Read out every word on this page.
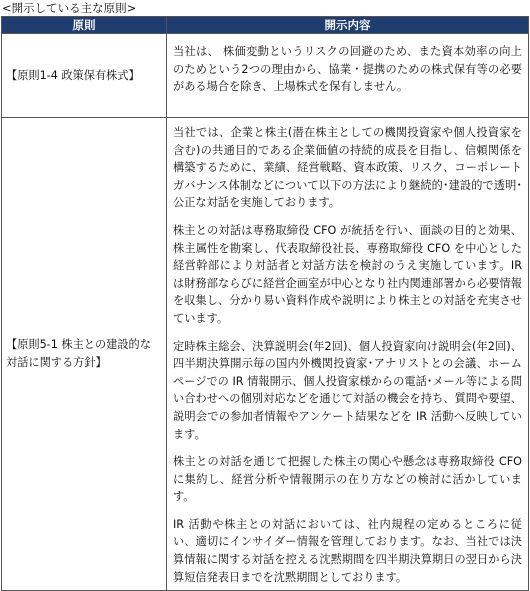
<開示している主な原則>
原則	開示内容
【原則1-4 政策保有株式】	当社は、 株価変動というリスクの回避のため、また資本効率の向上のためという2つの理由から、協業・提携のための株式保有等の必要がある場合を除き、上場株式を保有しません。

【原則5-1 株主との建設的な対話に関する方針】	当社では、企業と株主(潜在株主としての機関投資家や個人投資家を含む)の共通目的である企業価値の持続的成長を目指し、信頼関係を構築するために、業績、経営戦略、資本政策、リスク、コーポレートガバナンス体制などについて以下の方法により継続的･建設的で透明･公正な対話を実施しております。

株主との対話は専務取締役 CFO が統括を行い、面談の目的と効果、株主属性を勘案し、代表取締役社長、専務取締役 CFO を中心とした経営幹部により対話者と対話方法を検討のうえ実施しています。IR は財務部ならびに経営企画室が中心となり社内関連部署から必要情報を収集し、分かり易い資料作成や説明により株主との対話を充実させています。

定時株主総会、決算説明会(年2回)、個人投資家向け説明会(年2回)、四半期決算開示毎の国内外機関投資家･アナリストとの会議、ホームページでの IR 情報開示、個人投資家様からの電話･メール等による問い合わせへの個別対応などを通じて対話の機会を持ち、質問や要望、説明会での参加者情報やアンケート結果などを IR 活動へ反映しています。

株主との対話を通じて把握した株主の関心や懸念は専務取締役 CFO に集約し、経営分析や情報開示の在り方などの検討に活かしています。

IR 活動や株主との対話においては、社内規程の定めるところに従い、適切にインサイダー情報を管理しております。なお、当社では決算情報に関する対話を控える沈黙期間を四半期決算期日の翌日から決算短信発表日までを沈黙期間としております。
